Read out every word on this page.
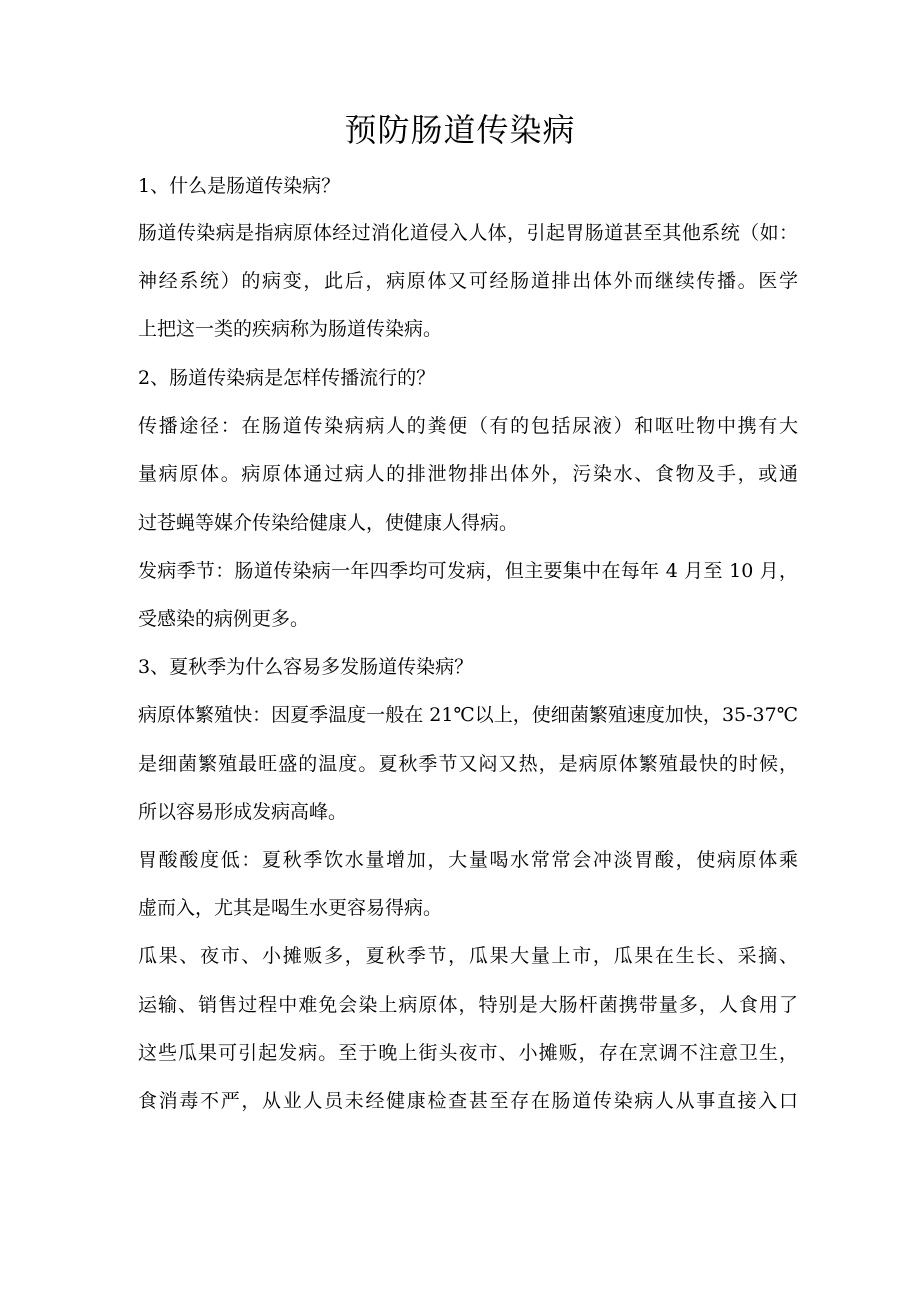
预防肠道传染病
1、什么是肠道传染病？
肠道传染病是指病原体经过消化道侵入人体，引起胃肠道甚至其他系统（如：
神经系统）的病变，此后，病原体又可经肠道排出体外而继续传播。医学
上把这一类的疾病称为肠道传染病。
2、肠道传染病是怎样传播流行的？
传播途径：在肠道传染病病人的粪便（有的包括尿液）和呕吐物中携有大
量病原体。病原体通过病人的排泄物排出体外，污染水、食物及手，或通
过苍蝇等媒介传染给健康人，使健康人得病。
发病季节：肠道传染病一年四季均可发病，但主要集中在每年 4 月至 10 月，
受感染的病例更多。
3、夏秋季为什么容易多发肠道传染病？
病原体繁殖快：因夏季温度一般在 21℃以上，使细菌繁殖速度加快，35-37℃
是细菌繁殖最旺盛的温度。夏秋季节又闷又热，是病原体繁殖最快的时候，
所以容易形成发病高峰。
胃酸酸度低：夏秋季饮水量增加，大量喝水常常会冲淡胃酸，使病原体乘
虚而入，尤其是喝生水更容易得病。
瓜果、夜市、小摊贩多，夏秋季节，瓜果大量上市，瓜果在生长、采摘、
运输、销售过程中难免会染上病原体，特别是大肠杆菌携带量多，人食用了
这些瓜果可引起发病。至于晚上街头夜市、小摊贩，存在烹调不注意卫生，
食消毒不严，从业人员未经健康检查甚至存在肠道传染病人从事直接入口
